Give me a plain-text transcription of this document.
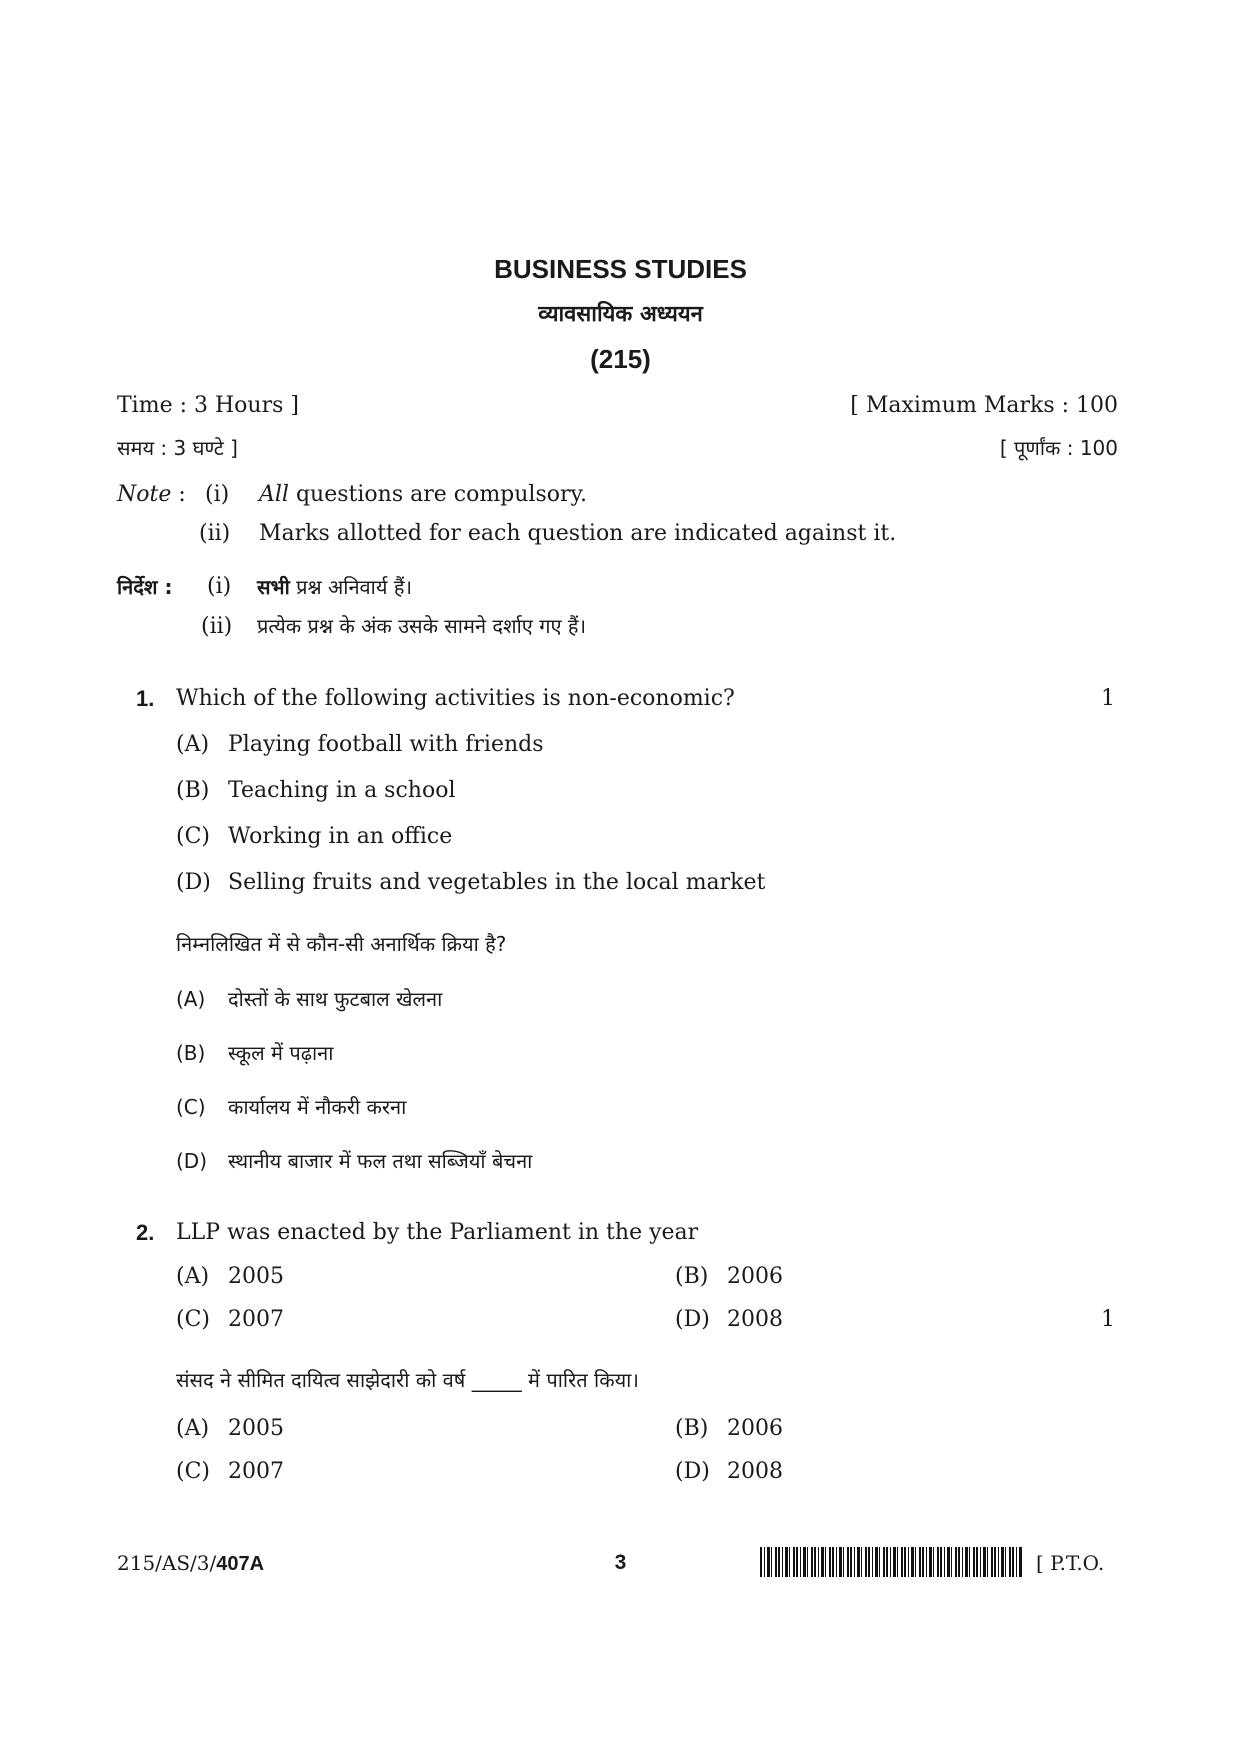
BUSINESS STUDIES
व्यावसायिक अध्ययन
(215)
Time : 3 Hours ]	[ Maximum Marks : 100
समय : 3 घण्टे ]	[ पूर्णांक : 100
Note : (i) All questions are compulsory.
(ii) Marks allotted for each question are indicated against it.
निर्देश : (i) सभी प्रश्न अनिवार्य हैं।
(ii) प्रत्येक प्रश्न के अंक उसके सामने दर्शाए गए हैं।
1. Which of the following activities is non-economic?	1
(A) Playing football with friends
(B) Teaching in a school
(C) Working in an office
(D) Selling fruits and vegetables in the local market
निम्नलिखित में से कौन-सी अनार्थिक क्रिया है?
(A) दोस्तों के साथ फुटबाल खेलना
(B) स्कूल में पढ़ाना
(C) कार्यालय में नौकरी करना
(D) स्थानीय बाजार में फल तथा सब्जियाँ बेचना
2. LLP was enacted by the Parliament in the year
(A) 2005	(B) 2006
(C) 2007	(D) 2008	1
संसद ने सीमित दायित्व साझेदारी को वर्ष _____ में पारित किया।
(A) 2005	(B) 2006
(C) 2007	(D) 2008
215/AS/3/407A	3	[ P.T.O.
